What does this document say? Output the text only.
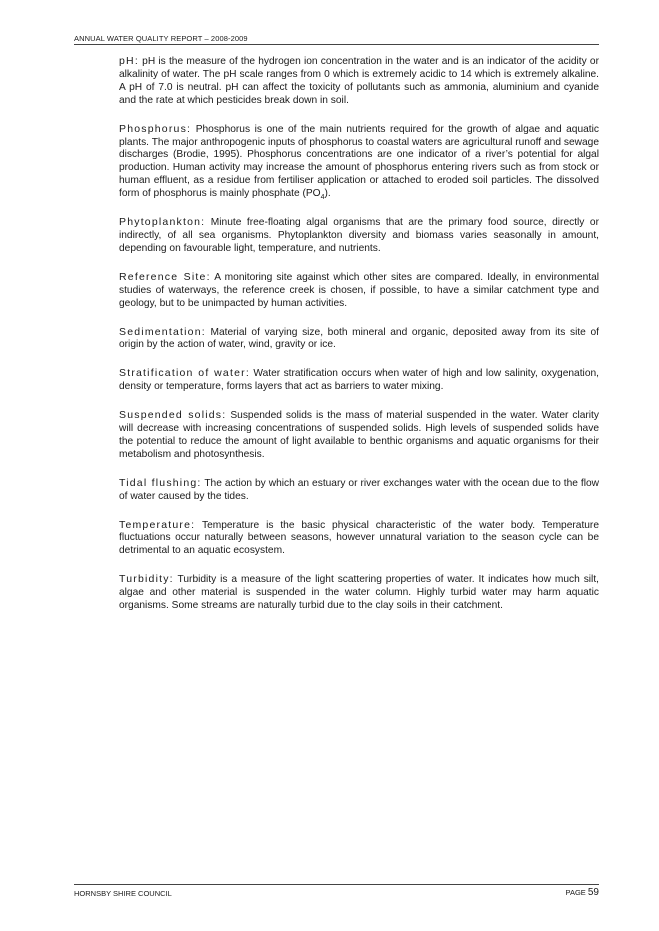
ANNUAL WATER QUALITY REPORT – 2008-2009

pH: pH is the measure of the hydrogen ion concentration in the water and is an indicator of the acidity or alkalinity of water. The pH scale ranges from 0 which is extremely acidic to 14 which is extremely alkaline. A pH of 7.0 is neutral. pH can affect the toxicity of pollutants such as ammonia, aluminium and cyanide and the rate at which pesticides break down in soil.

Phosphorus: Phosphorus is one of the main nutrients required for the growth of algae and aquatic plants. The major anthropogenic inputs of phosphorus to coastal waters are agricultural runoff and sewage discharges (Brodie, 1995). Phosphorus concentrations are one indicator of a river’s potential for algal production. Human activity may increase the amount of phosphorus entering rivers such as from stock or human effluent, as a residue from fertiliser application or attached to eroded soil particles. The dissolved form of phosphorus is mainly phosphate $(PO_4)$.

Phytoplankton: Minute free-floating algal organisms that are the primary food source, directly or indirectly, of all sea organisms. Phytoplankton diversity and biomass varies seasonally in amount, depending on favourable light, temperature, and nutrients.

Reference Site: A monitoring site against which other sites are compared. Ideally, in environmental studies of waterways, the reference creek is chosen, if possible, to have a similar catchment type and geology, but to be unimpacted by human activities.

Sedimentation: Material of varying size, both mineral and organic, deposited away from its site of origin by the action of water, wind, gravity or ice.

Stratification of water: Water stratification occurs when water of high and low salinity, oxygenation, density or temperature, forms layers that act as barriers to water mixing.

Suspended solids: Suspended solids is the mass of material suspended in the water. Water clarity will decrease with increasing concentrations of suspended solids. High levels of suspended solids have the potential to reduce the amount of light available to benthic organisms and aquatic organisms for their metabolism and photosynthesis.

Tidal flushing: The action by which an estuary or river exchanges water with the ocean due to the flow of water caused by the tides.

Temperature: Temperature is the basic physical characteristic of the water body. Temperature fluctuations occur naturally between seasons, however unnatural variation to the season cycle can be detrimental to an aquatic ecosystem.

Turbidity: Turbidity is a measure of the light scattering properties of water. It indicates how much silt, algae and other material is suspended in the water column. Highly turbid water may harm aquatic organisms. Some streams are naturally turbid due to the clay soils in their catchment.

HORNSBY SHIRE COUNCIL	PAGE 59
